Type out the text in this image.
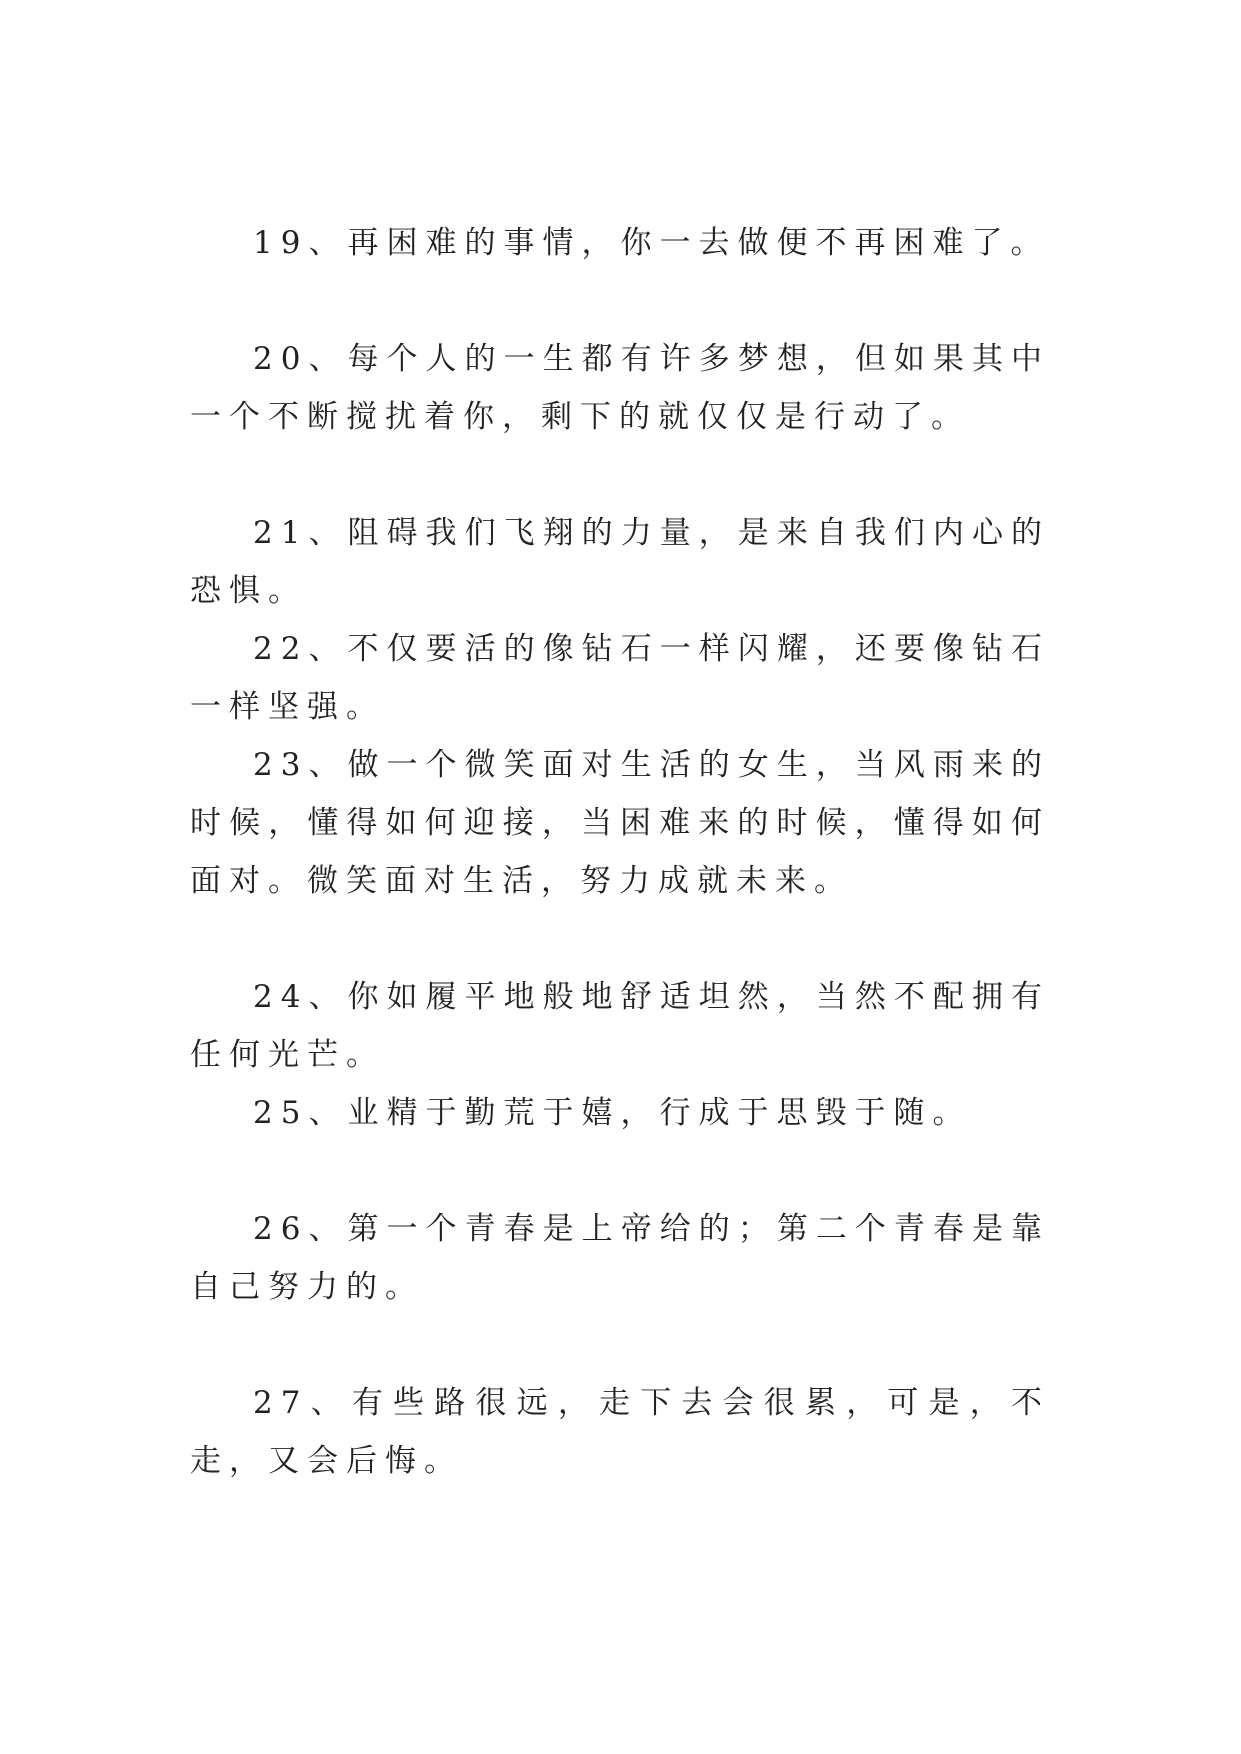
19、再困难的事情，你一去做便不再困难了。

20、每个人的一生都有许多梦想，但如果其中一个不断搅扰着你，剩下的就仅仅是行动了。

21、阻碍我们飞翔的力量，是来自我们内心的恐惧。

22、不仅要活的像钻石一样闪耀，还要像钻石一样坚强。

23、做一个微笑面对生活的女生，当风雨来的时候，懂得如何迎接，当困难来的时候，懂得如何面对。微笑面对生活，努力成就未来。

24、你如履平地般地舒适坦然，当然不配拥有任何光芒。

25、业精于勤荒于嬉，行成于思毁于随。

26、第一个青春是上帝给的；第二个青春是靠自己努力的。

27、有些路很远，走下去会很累，可是，不走，又会后悔。
